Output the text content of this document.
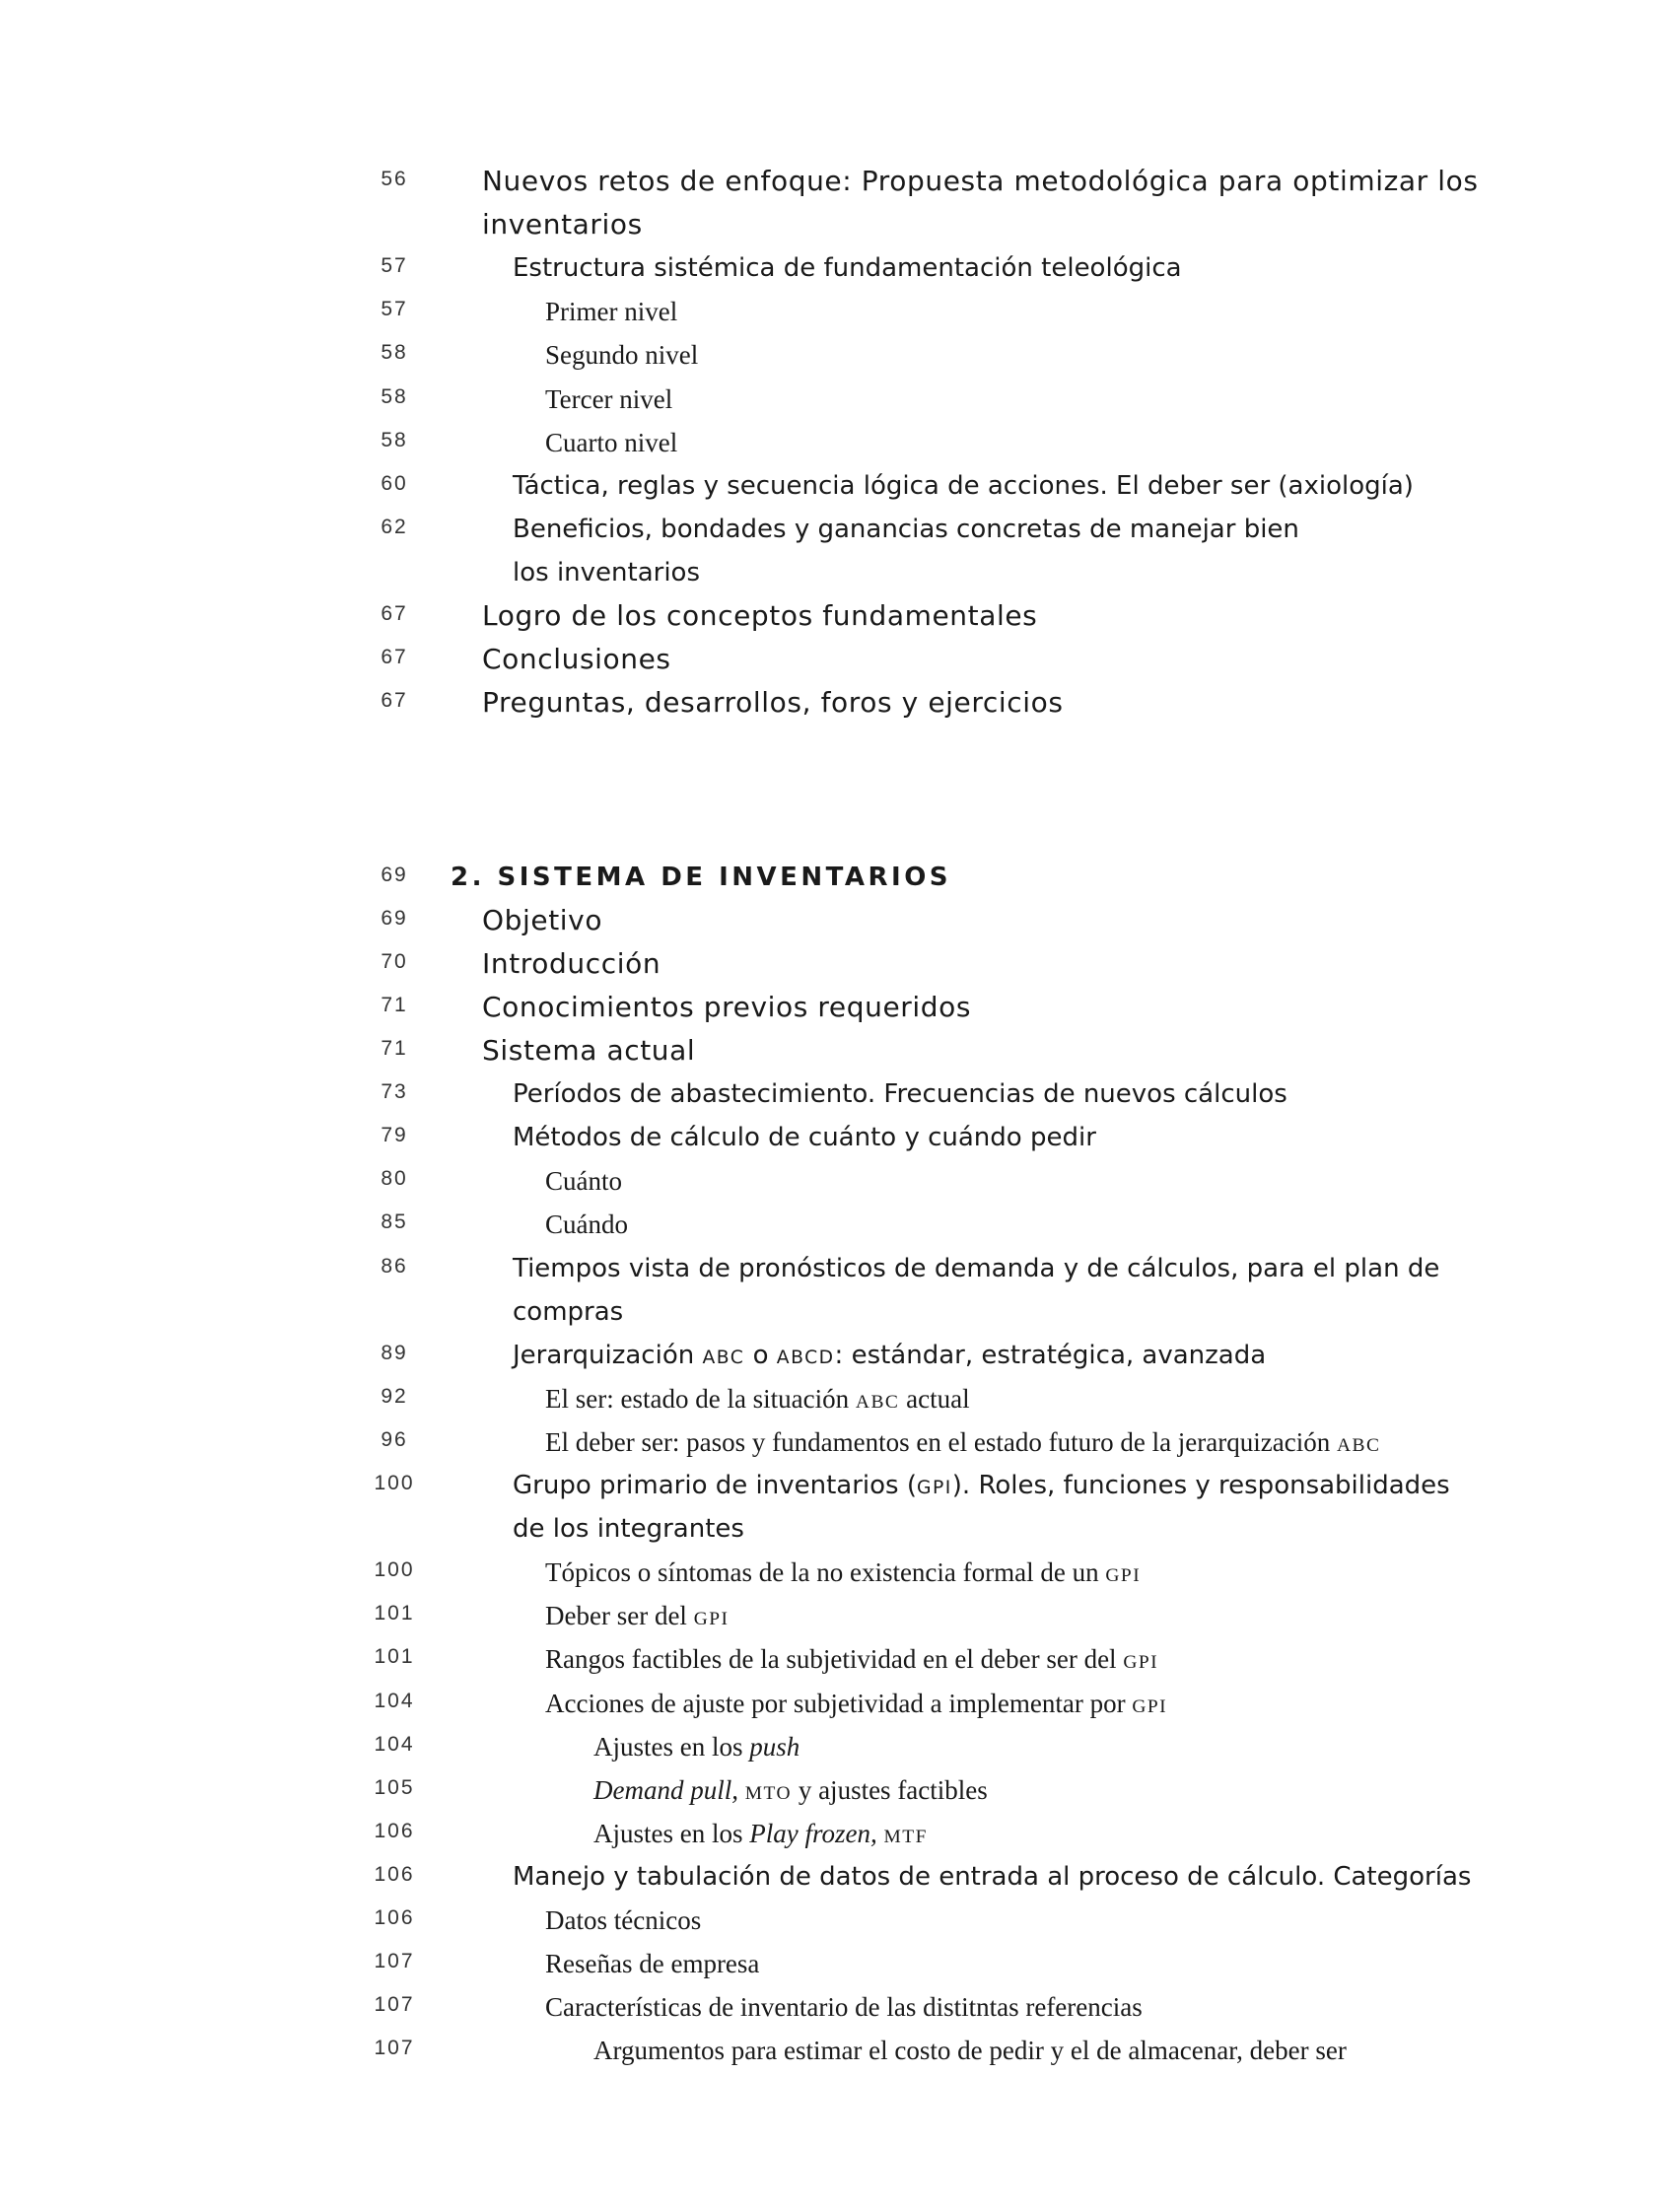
56	Nuevos retos de enfoque: Propuesta metodológica para optimizar los
inventarios
57	Estructura sistémica de fundamentación teleológica
57	Primer nivel
58	Segundo nivel
58	Tercer nivel
58	Cuarto nivel
60	Táctica, reglas y secuencia lógica de acciones. El deber ser (axiología)
62	Beneficios, bondades y ganancias concretas de manejar bien
los inventarios
67	Logro de los conceptos fundamentales
67	Conclusiones
67	Preguntas, desarrollos, foros y ejercicios
69	2. SISTEMA DE INVENTARIOS
69	Objetivo
70	Introducción
71	Conocimientos previos requeridos
71	Sistema actual
73	Períodos de abastecimiento. Frecuencias de nuevos cálculos
79	Métodos de cálculo de cuánto y cuándo pedir
80	Cuánto
85	Cuándo
86	Tiempos vista de pronósticos de demanda y de cálculos, para el plan de
compras
89	Jerarquización ABC o ABCD: estándar, estratégica, avanzada
92	El ser: estado de la situación ABC actual
96	El deber ser: pasos y fundamentos en el estado futuro de la jerarquización ABC
100	Grupo primario de inventarios (GPI). Roles, funciones y responsabilidades
de los integrantes
100	Tópicos o síntomas de la no existencia formal de un GPI
101	Deber ser del GPI
101	Rangos factibles de la subjetividad en el deber ser del GPI
104	Acciones de ajuste por subjetividad a implementar por GPI
104	Ajustes en los push
105	Demand pull, MTO y ajustes factibles
106	Ajustes en los Play frozen, MTF
106	Manejo y tabulación de datos de entrada al proceso de cálculo. Categorías
106	Datos técnicos
107	Reseñas de empresa
107	Características de inventario de las distitntas referencias
107	Argumentos para estimar el costo de pedir y el de almacenar, deber ser
